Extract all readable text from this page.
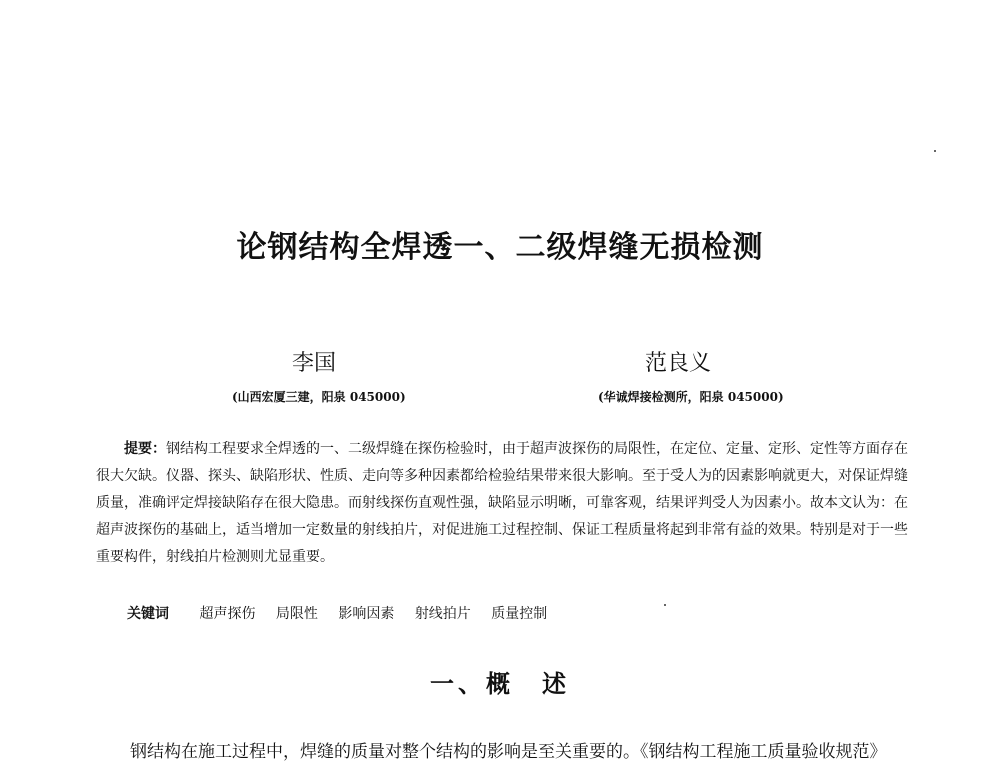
论钢结构全焊透一、二级焊缝无损检测
李国	范良义
(山西宏厦三建，阳泉 045000)	(华诚焊接检测所，阳泉 045000)
提要：钢结构工程要求全焊透的一、二级焊缝在探伤检验时，由于超声波探伤的局限性，在定位、定量、定形、定性等方面存在很大欠缺。仪器、探头、缺陷形状、性质、走向等多种因素都给检验结果带来很大影响。至于受人为的因素影响就更大，对保证焊缝质量，准确评定焊接缺陷存在很大隐患。而射线探伤直观性强，缺陷显示明晰，可靠客观，结果评判受人为因素小。故本文认为：在超声波探伤的基础上，适当增加一定数量的射线拍片，对促进施工过程控制、保证工程质量将起到非常有益的效果。特别是对于一些重要构件，射线拍片检测则尤显重要。
关键词 超声探伤 局限性 影响因素 射线拍片 质量控制
一、概　述
钢结构在施工过程中，焊缝的质量对整个结构的影响是至关重要的。《钢结构工程施工质量验收规范》
